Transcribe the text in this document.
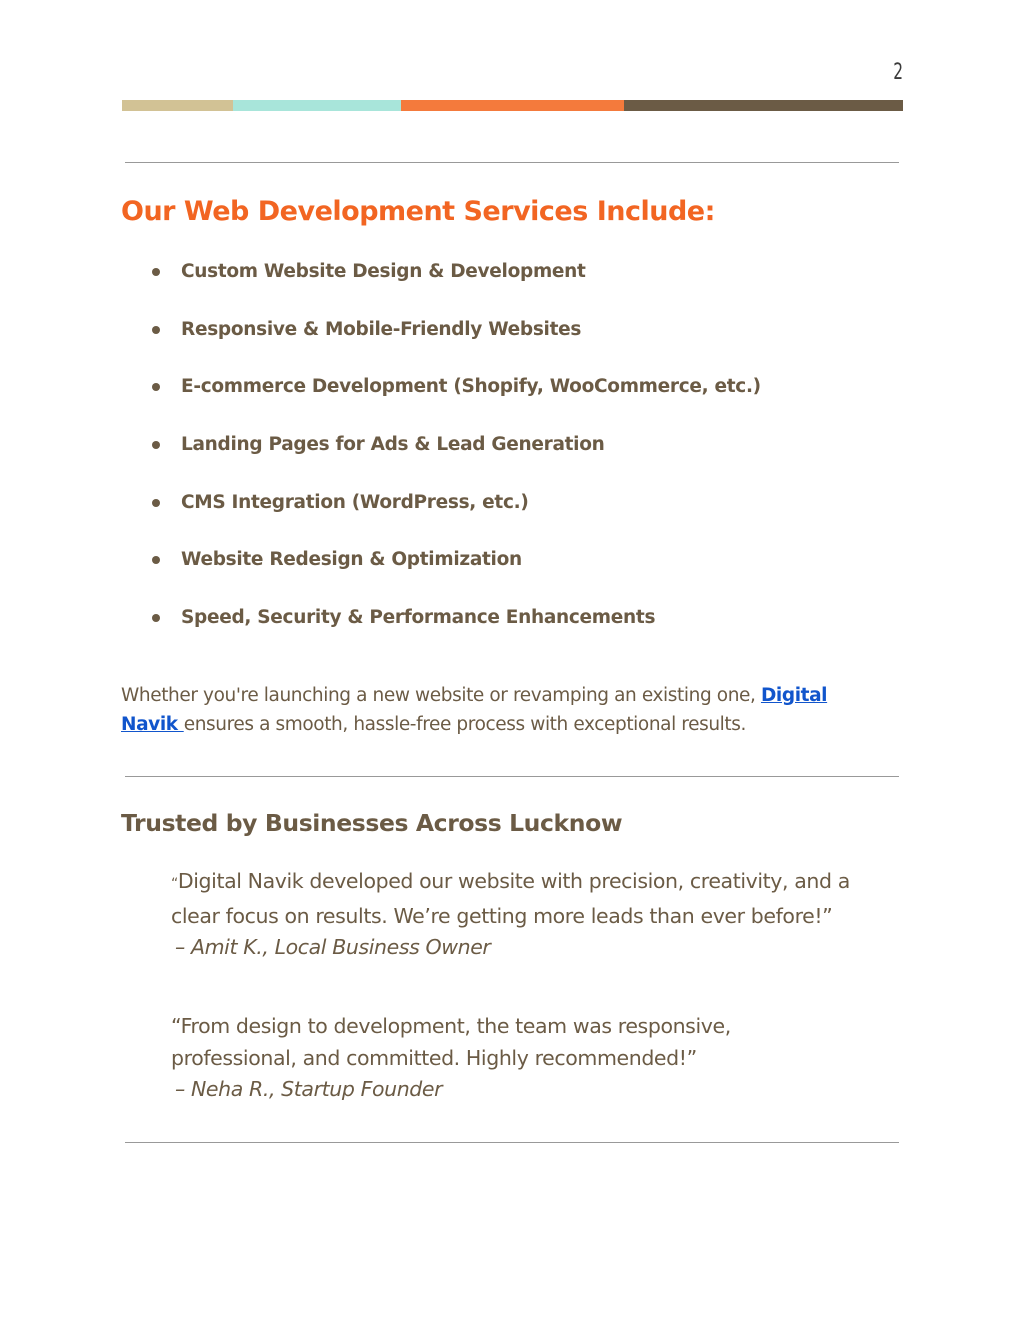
2
Our Web Development Services Include:
Custom Website Design & Development
Responsive & Mobile-Friendly Websites
E-commerce Development (Shopify, WooCommerce, etc.)
Landing Pages for Ads & Lead Generation
CMS Integration (WordPress, etc.)
Website Redesign & Optimization
Speed, Security & Performance Enhancements

Whether you're launching a new website or revamping an existing one, Digital Navik ensures a smooth, hassle-free process with exceptional results.

Trusted by Businesses Across Lucknow

“Digital Navik developed our website with precision, creativity, and a clear focus on results. We’re getting more leads than ever before!”
– Amit K., Local Business Owner

“From design to development, the team was responsive, professional, and committed. Highly recommended!”
– Neha R., Startup Founder
